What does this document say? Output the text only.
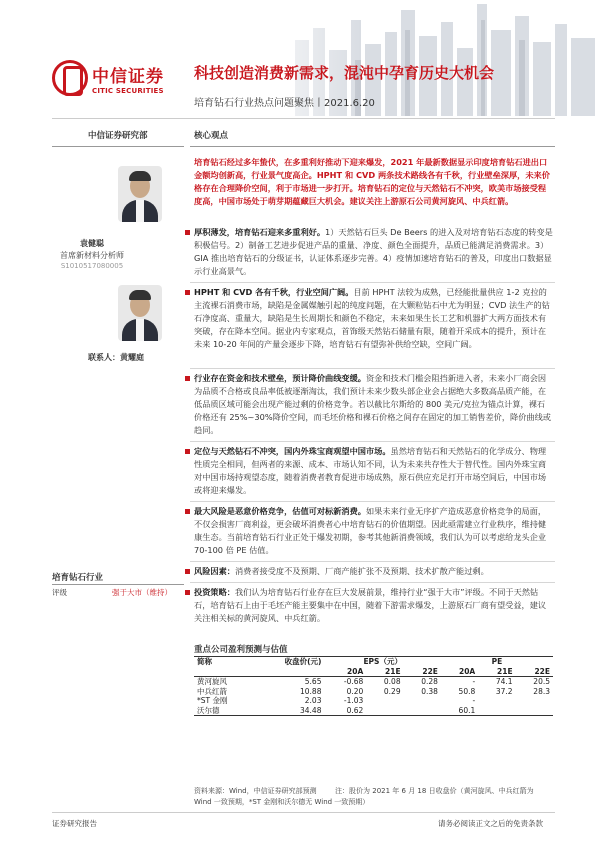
中信证券
CITIC SECURITIES
科技创造消费新需求，混沌中孕育历史大机会
培育钻石行业热点问题聚焦丨2021.6.20
中信证券研究部	核心观点
袁健聪
首席新材料分析师
S1010517080005
联系人：黄耀庭
培育钻石经过多年蛰伏，在多重利好推动下迎来爆发，2021 年最新数据显示印度培育钻石进出口金额均创新高，行业景气度高企。HPHT 和 CVD 两条技术路线各有千秋，行业壁垒深厚，未来价格存在合理降价空间，利于市场进一步打开。培育钻石的定位与天然钻石不冲突，欧美市场接受程度高，中国市场处于萌芽期蕴藏巨大机会。建议关注上游原石公司黄河旋风、中兵红箭。
厚积薄发，培育钻石迎来多重利好。1）天然钻石巨头 De Beers 的进入及对培育钻石态度的转变是积极信号。2）制备工艺进步促进产品的重量、净度、颜色全面提升，品质已能满足消费需求。3）GIA 推出培育钻石的分级证书，认证体系逐步完善。4）疫情加速培育钻石的普及，印度出口数据显示行业高景气。
HPHT 和 CVD 各有千秋，行业空间广阔。目前 HPHT 法较为成熟，已经能批量供应 1-2 克拉的主流裸石消费市场，缺陷是金属媒触引起的纯度问题，在大颗粒钻石中尤为明显；CVD 法生产的钻石净度高、重量大，缺陷是生长周期长和颜色不稳定，未来如果生长工艺和机器扩大两方面技术有突破，存在降本空间。据业内专家观点，首饰级天然钻石储量有限，随着开采成本的提升，预计在未来 10-20 年间的产量会逐步下降，培育钻石有望弥补供给空缺，空间广阔。
行业存在资金和技术壁垒，预计降价曲线变缓。资金和技术门槛会阻挡新进入者，未来小厂商会因为品质不合格或良品率低被逐渐淘汰，我们预计未来少数头部企业会占据绝大多数高品质产能，在低品质区域可能会出现产能过剩的价格竞争。若以截比尔斯给的 800 美元/克拉为锚点计算，裸石价格还有 25%~30%降价空间，而毛坯价格和裸石价格之间存在固定的加工销售差价，降价曲线或趋同。
定位与天然钻石不冲突，国内外珠宝商观望中国市场。虽然培育钻石和天然钻石的化学成分、物理性质完全相同，但两者的来源、成本、市场认知不同，认为未来共存性大于替代性。国内外珠宝商对中国市场持观望态度，随着消费者教育促进市场成熟，原石供应充足打开市场空间后，中国市场或将迎来爆发。
最大风险是恶意价格竞争，估值可对标新消费。如果未来行业无序扩产造成恶意价格竞争的局面，不仅会损害厂商利益，更会破坏消费者心中培育钻石的价值期望。因此亟需建立行业秩序，维持健康生态。当前培育钻石行业正处于爆发初期，参考其他新消费领域，我们认为可以考虑给龙头企业 70-100 倍 PE 估值。
风险因素：消费者接受度不及预期、厂商产能扩张不及预期、技术扩散产能过剩。
投资策略：我们认为培育钻石行业存在巨大发展前景，维持行业“强于大市”评级。不同于天然钻石，培育钻石上由于毛坯产能主要集中在中国，随着下游需求爆发，上游原石厂商有望受益，建议关注相关标的黄河旋风、中兵红箭。
培育钻石行业
评级	强于大市（维持）
重点公司盈利预测与估值
简称	收盘价(元)	EPS（元）			PE		
		20A	21E	22E	20A	21E	22E
黄河旋风	5.65	-0.68	0.08	0.28	-	74.1	20.5
中兵红箭	10.88	0.20	0.29	0.38	50.8	37.2	28.3
*ST 金刚	2.03	-1.03			-		
沃尔德	34.48	0.62			60.1		
资料来源：Wind，中信证券研究部预测 　　 注：股价为 2021 年 6 月 18 日收盘价（黄河旋风、中兵红箭为 Wind 一致预期，*ST 金刚和沃尔德无 Wind 一致预期）
证券研究报告	请务必阅读正文之后的免责条款
